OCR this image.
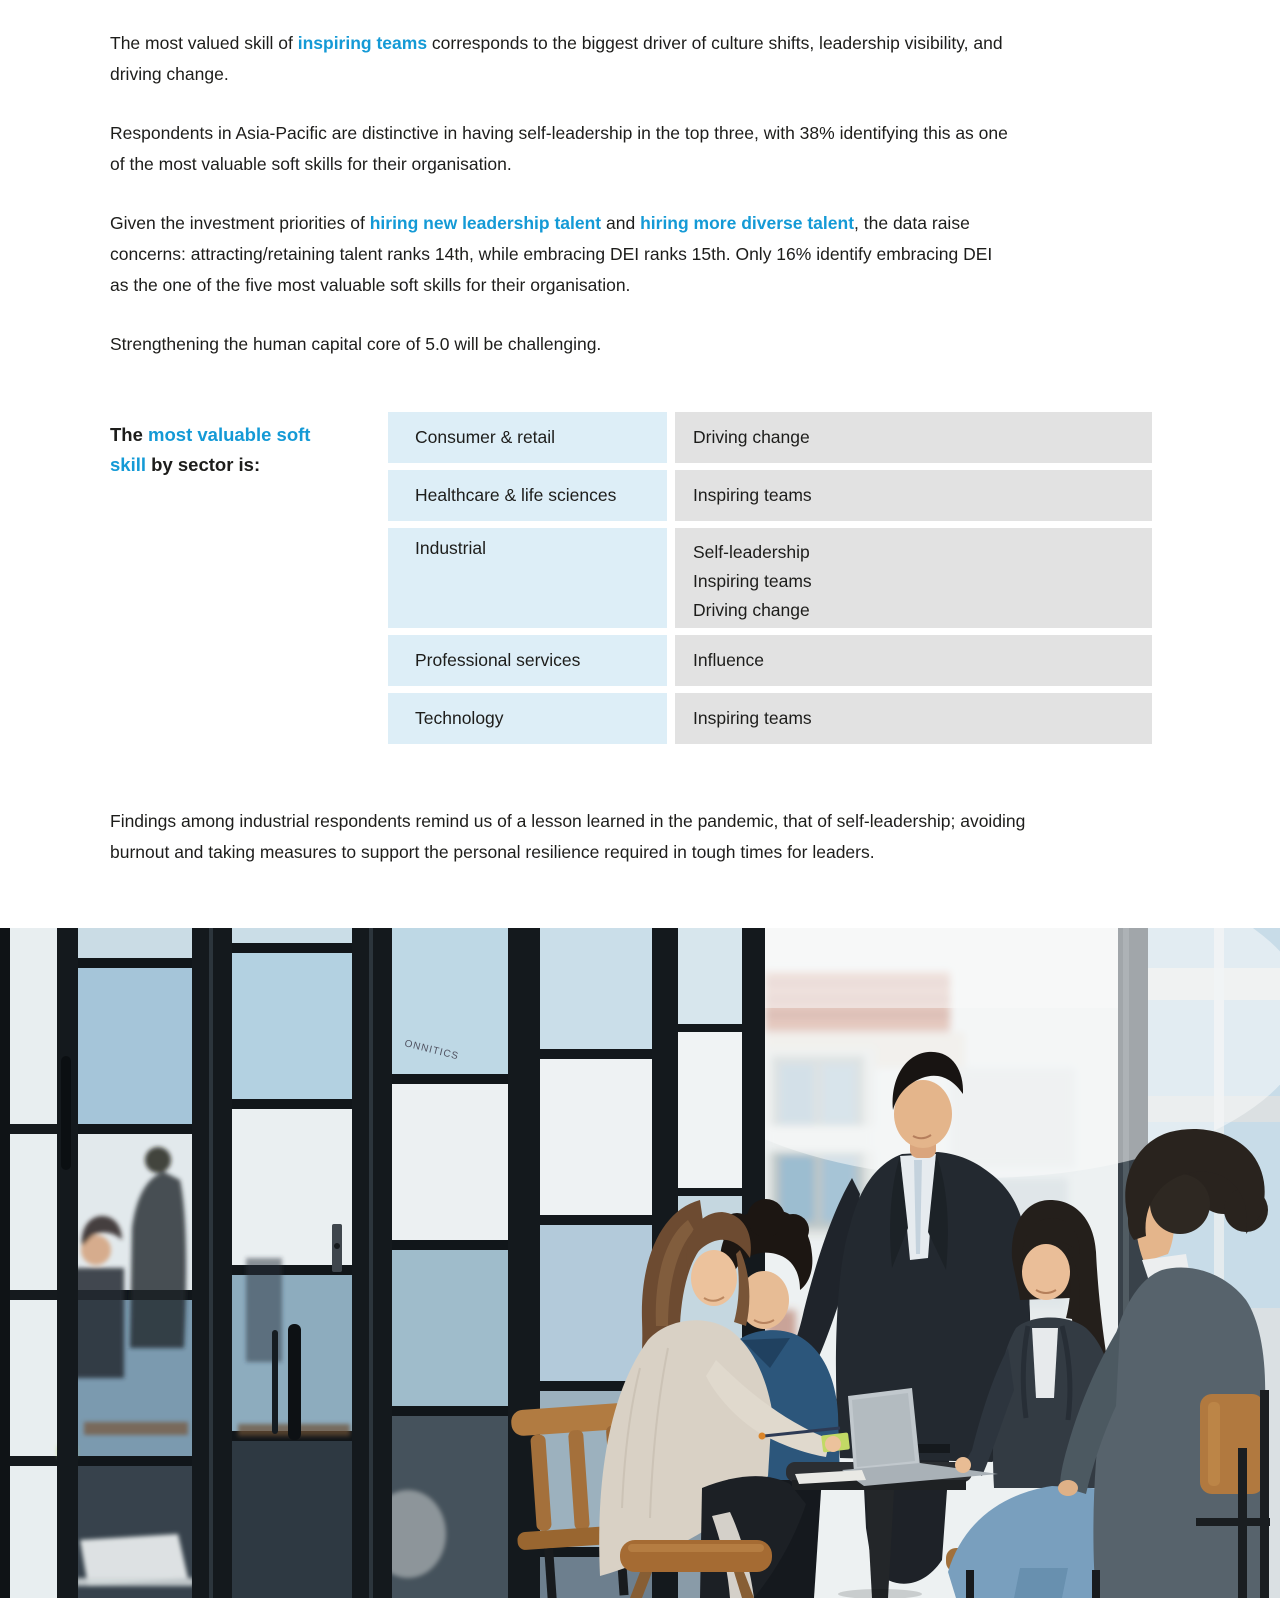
The most valued skill of inspiring teams corresponds to the biggest driver of culture shifts, leadership visibility, and
driving change.
Respondents in Asia-Pacific are distinctive in having self-leadership in the top three, with 38% identifying this as one
of the most valuable soft skills for their organisation.
Given the investment priorities of hiring new leadership talent and hiring more diverse talent, the data raise
concerns: attracting/retaining talent ranks 14th, while embracing DEI ranks 15th. Only 16% identify embracing DEI
as the one of the five most valuable soft skills for their organisation.
Strengthening the human capital core of 5.0 will be challenging.
The most valuable soft
skill by sector is:
Consumer & retail	Driving change
Healthcare & life sciences	Inspiring teams
Industrial	Self-leadership
Inspiring teams
Driving change
Professional services	Influence
Technology	Inspiring teams
Findings among industrial respondents remind us of a lesson learned in the pandemic, that of self-leadership; avoiding
burnout and taking measures to support the personal resilience required in tough times for leaders.
ONNITICS
